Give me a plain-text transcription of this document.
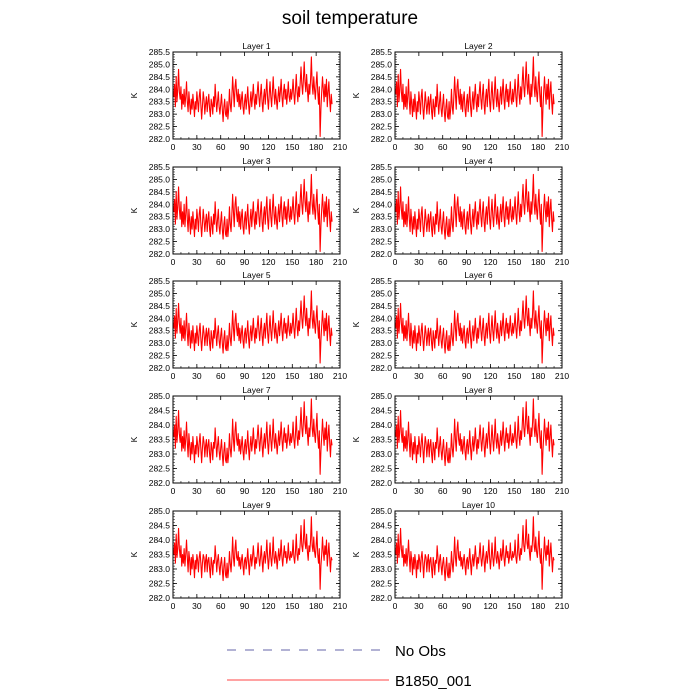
soil temperature
Layer 1
K
0 30 60 90 120 150 180 210
282.0
282.5
283.0
283.5
284.0
284.5
285.0
285.5
Layer 2
K
0 30 60 90 120 150 180 210
282.0
282.5
283.0
283.5
284.0
284.5
285.0
285.5
Layer 3
K
0 30 60 90 120 150 180 210
282.0
282.5
283.0
283.5
284.0
284.5
285.0
285.5
Layer 4
K
0 30 60 90 120 150 180 210
282.0
282.5
283.0
283.5
284.0
284.5
285.0
285.5
Layer 5
K
0 30 60 90 120 150 180 210
282.0
282.5
283.0
283.5
284.0
284.5
285.0
285.5
Layer 6
K
0 30 60 90 120 150 180 210
282.0
282.5
283.0
283.5
284.0
284.5
285.0
285.5
Layer 7
K
0 30 60 90 120 150 180 210
282.0
282.5
283.0
283.5
284.0
284.5
285.0
Layer 8
K
0 30 60 90 120 150 180 210
282.0
282.5
283.0
283.5
284.0
284.5
285.0
Layer 9
K
0 30 60 90 120 150 180 210
282.0
282.5
283.0
283.5
284.0
284.5
285.0
Layer 10
K
0 30 60 90 120 150 180 210
282.0
282.5
283.0
283.5
284.0
284.5
285.0
No Obs
B1850_001
